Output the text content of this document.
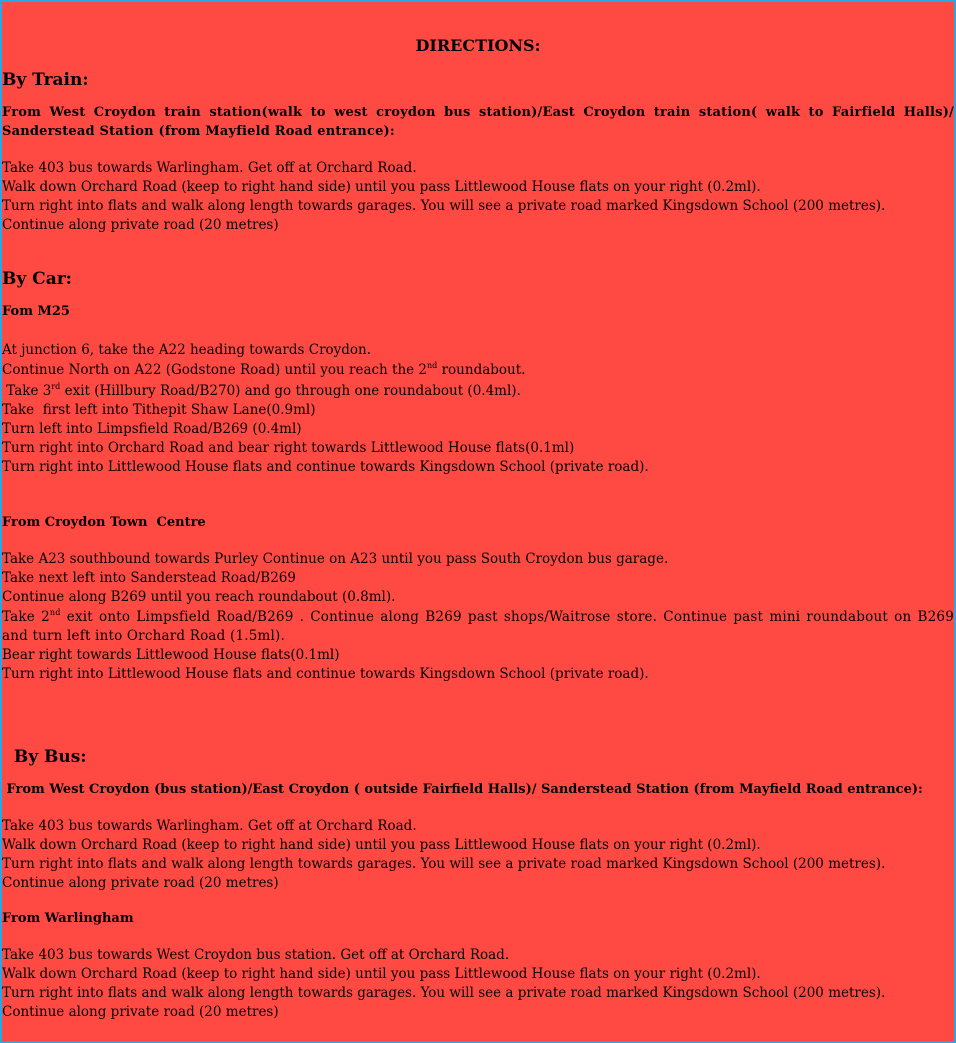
DIRECTIONS:
By Train:
From West Croydon train station(walk to west croydon bus station)/East Croydon train station( walk to Fairfield Halls)/ Sanderstead Station (from Mayfield Road entrance):
Take 403 bus towards Warlingham. Get off at Orchard Road.
Walk down Orchard Road (keep to right hand side) until you pass Littlewood House flats on your right (0.2ml).
Turn right into flats and walk along length towards garages. You will see a private road marked Kingsdown School (200 metres).
Continue along private road (20 metres)
By Car:
Fom M25
At junction 6, take the A22 heading towards Croydon.
Continue North on A22 (Godstone Road) until you reach the 2nd roundabout.
Take 3rd exit (Hillbury Road/B270) and go through one roundabout (0.4ml).
Take  first left into Tithepit Shaw Lane(0.9ml)
Turn left into Limpsfield Road/B269 (0.4ml)
Turn right into Orchard Road and bear right towards Littlewood House flats(0.1ml)
Turn right into Littlewood House flats and continue towards Kingsdown School (private road).
From Croydon Town  Centre
Take A23 southbound towards Purley Continue on A23 until you pass South Croydon bus garage.
Take next left into Sanderstead Road/B269
Continue along B269 until you reach roundabout (0.8ml).
Take 2nd exit onto Limpsfield Road/B269 . Continue along B269 past shops/Waitrose store. Continue past mini roundabout on B269 and turn left into Orchard Road (1.5ml).
Bear right towards Littlewood House flats(0.1ml)
Turn right into Littlewood House flats and continue towards Kingsdown School (private road).
By Bus:
From West Croydon (bus station)/East Croydon ( outside Fairfield Halls)/ Sanderstead Station (from Mayfield Road entrance):
Take 403 bus towards Warlingham. Get off at Orchard Road.
Walk down Orchard Road (keep to right hand side) until you pass Littlewood House flats on your right (0.2ml).
Turn right into flats and walk along length towards garages. You will see a private road marked Kingsdown School (200 metres).
Continue along private road (20 metres)
From Warlingham
Take 403 bus towards West Croydon bus station. Get off at Orchard Road.
Walk down Orchard Road (keep to right hand side) until you pass Littlewood House flats on your right (0.2ml).
Turn right into flats and walk along length towards garages. You will see a private road marked Kingsdown School (200 metres).
Continue along private road (20 metres)
